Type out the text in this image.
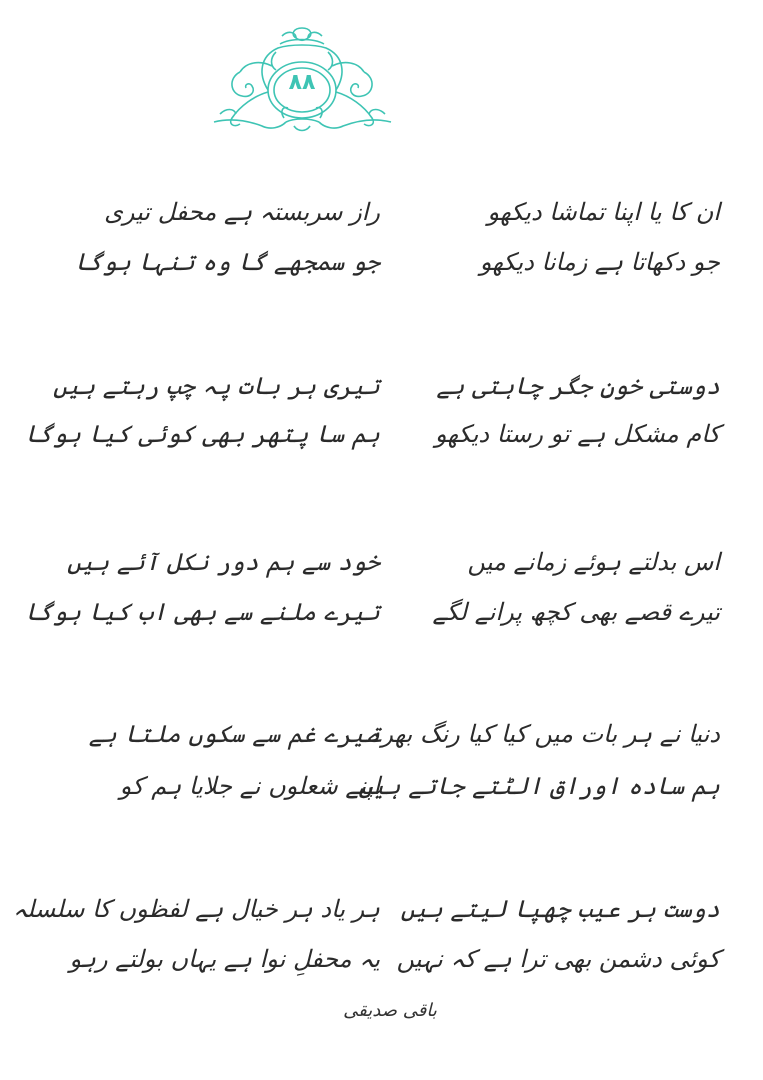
٨٨
ان کا یا اپنا تماشا دیکھو
راز سربستہ ہے محفل تیری
جو دکھاتا ہے زمانا دیکھو
جو سمجھے گا وہ تنہا ہوگا
دوستی خونِ جگر چاہتی ہے
تیری ہر بات پہ چپ رہتے ہیں
کام مشکل ہے تو رستا دیکھو
ہم سا پتھر بھی کوئی کیا ہوگا
اس بدلتے ہوئے زمانے میں
خود سے ہم دور نکل آئے ہیں
تیرے قصے بھی کچھ پرانے لگے
تیرے ملنے سے بھی اب کیا ہوگا
دنیا نے ہر بات میں کیا کیا رنگ بھرے
تیرے غم سے سکوں ملتا ہے
ہم سادہ اوراق الٹتے جاتے ہیں
اپنے شعلوں نے جلایا ہم کو
دوست ہر عیب چھپا لیتے ہیں
ہر یاد ہر خیال ہے لفظوں کا سلسلہ
کوئی دشمن بھی ترا ہے کہ نہیں
یہ محفلِ نوا ہے یہاں بولتے رہو
باقی صدیقی
